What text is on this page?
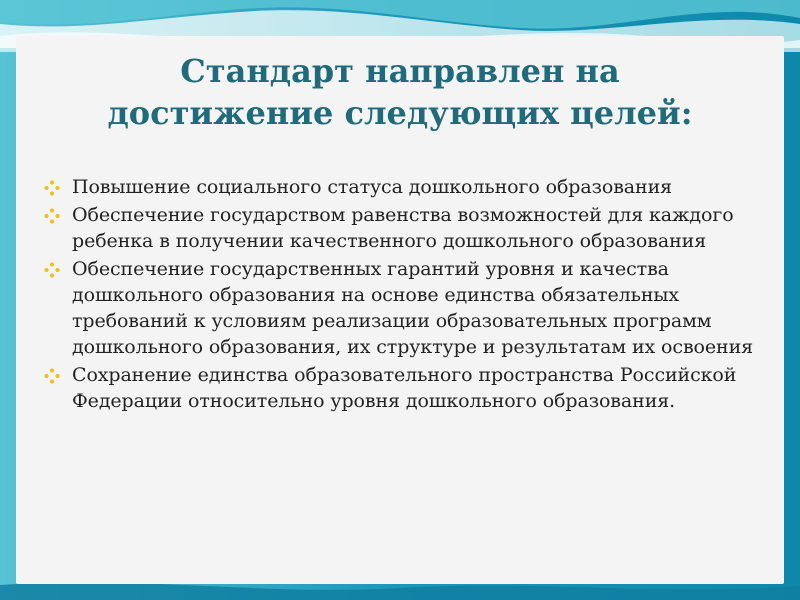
Стандарт направлен на
достижение следующих целей:
Повышение социального статуса дошкольного образования
Обеспечение государством равенства возможностей для каждого ребенка в получении качественного дошкольного образования
Обеспечение государственных гарантий уровня и качества дошкольного образования на основе единства обязательных требований к условиям реализации образовательных программ дошкольного образования, их структуре и результатам их освоения
Сохранение единства образовательного пространства Российской Федерации относительно уровня дошкольного образования.
